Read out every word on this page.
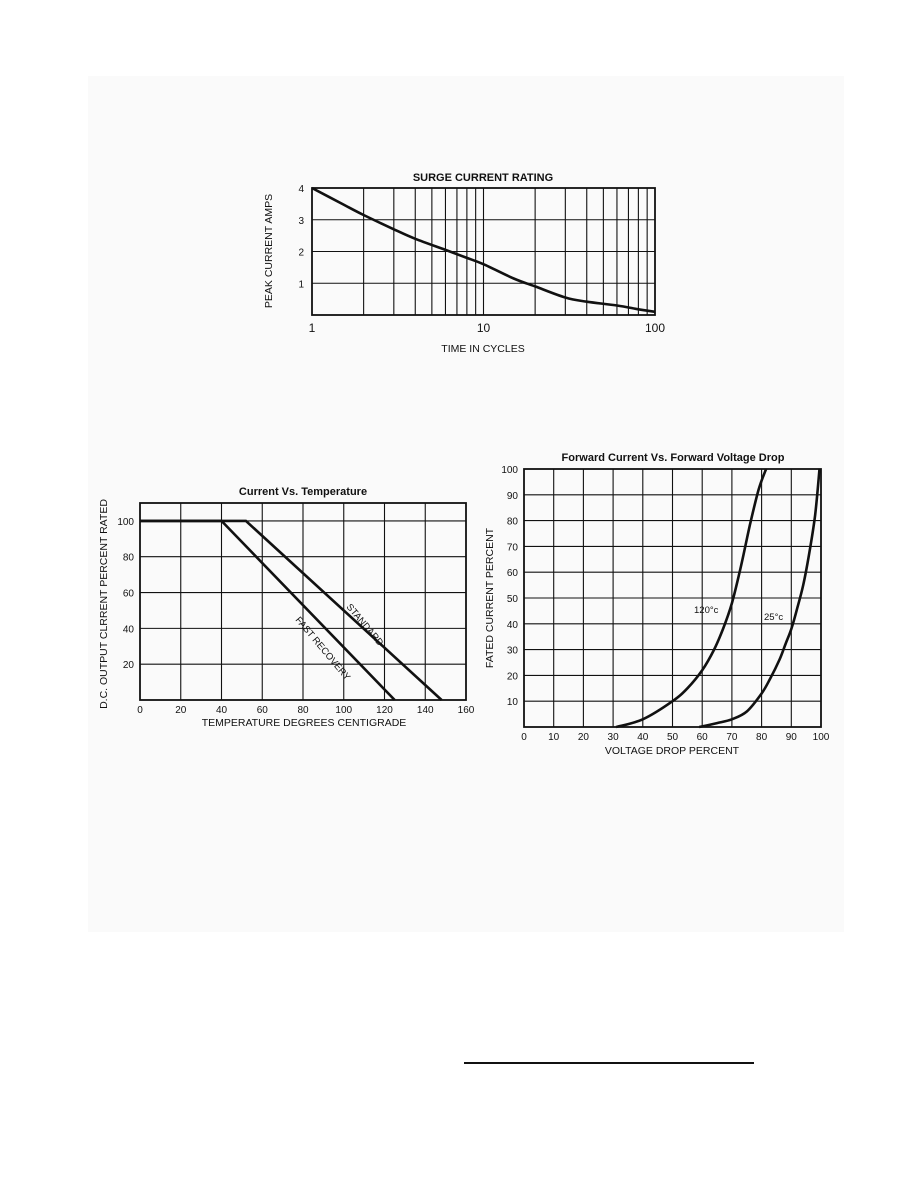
SURGE CURRENT RATING
1	10	100
1
2
3
4
TIME IN CYCLES
PEAK CURRENT AMPS
Current Vs. Temperature
0	20	40	60	80	100 120 140 160
20
40
60
80
100
STANDARD
FAST RECOVERY
TEMPERATURE DEGREES CENTIGRADE
D.C. OUTPUT CLRRENT PERCENT RATED
Forward Current Vs. Forward Voltage Drop
0 10 20 30 40 50 60 70 80 90 100
10
20
30
40
50
60
70
80
90
100
120°c
25°c
VOLTAGE DROP PERCENT
FATED CURRENT PERCENT
